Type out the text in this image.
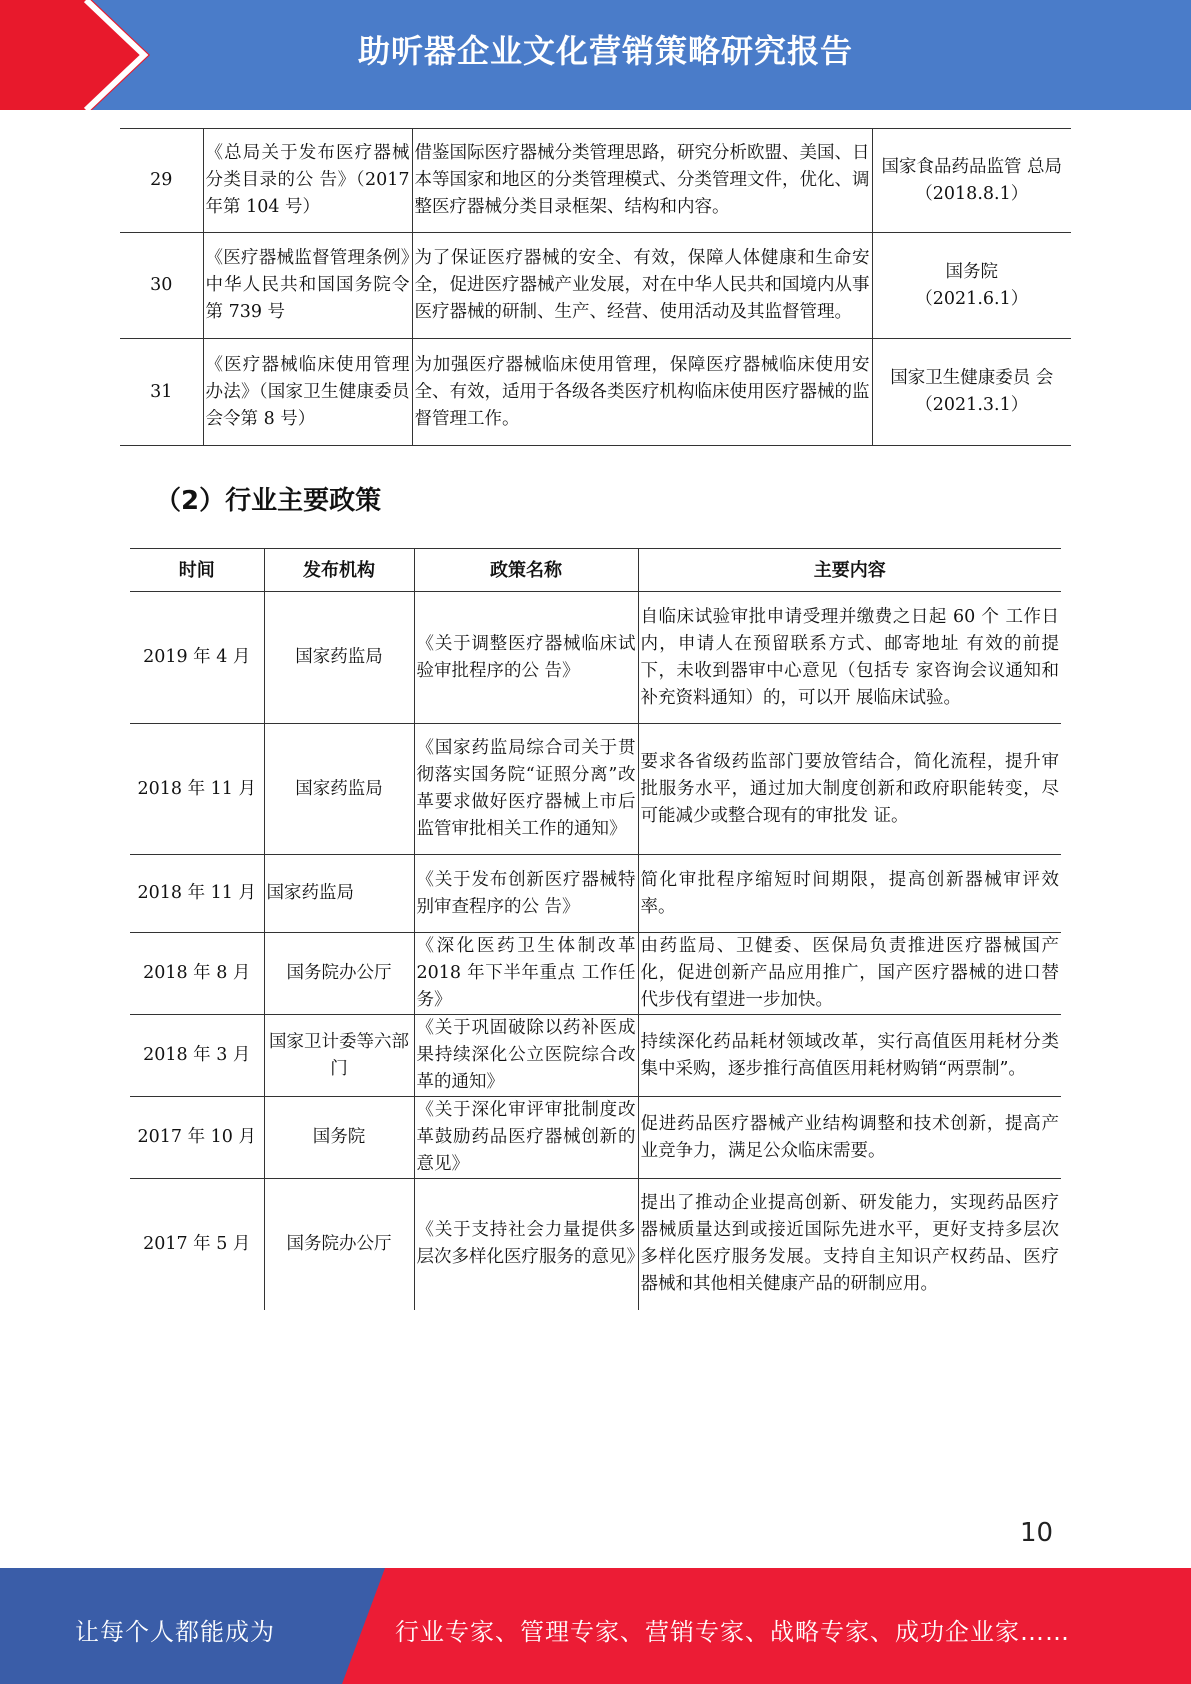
助听器企业文化营销策略研究报告
29	《总局关于发布医疗器械分类目录的公 告》（2017 年第 104 号）	借鉴国际医疗器械分类管理思路，研究分析欧盟、美国、日本等国家和地区的分类管理模式、分类管理文件，优化、调整医疗器械分类目录框架、结构和内容。	国家食品药品监管 总局
（2018.8.1）
30	《医疗器械监督管理条例》中华人民共和国国务院令第 739 号	为了保证医疗器械的安全、有效，保障人体健康和生命安全，促进医疗器械产业发展，对在中华人民共和国境内从事医疗器械的研制、生产、经营、使用活动及其监督管理。	国务院
（2021.6.1）
31	《医疗器械临床使用管理办法》（国家卫生健康委员会令第 8 号）	为加强医疗器械临床使用管理，保障医疗器械临床使用安全、有效，适用于各级各类医疗机构临床使用医疗器械的监督管理工作。	国家卫生健康委员 会
（2021.3.1）
（2）行业主要政策
时间	发布机构	政策名称	主要内容
2019 年 4 月	国家药监局	《关于调整医疗器械临床试验审批程序的公 告》	自临床试验审批申请受理并缴费之日起 60 个 工作日内，申请人在预留联系方式、邮寄地址 有效的前提下，未收到器审中心意见（包括专 家咨询会议通知和补充资料通知）的，可以开 展临床试验。
2018 年 11 月	国家药监局	《国家药监局综合司关于贯彻落实国务院“证照分离”改革要求做好医疗器械上市后监管审批相关工作的通知》	要求各省级药监部门要放管结合，简化流程，提升审批服务水平，通过加大制度创新和政府职能转变，尽可能减少或整合现有的审批发 证。
2018 年 11 月	国家药监局	《关于发布创新医疗器械特别审查程序的公 告》	简化审批程序缩短时间期限，提高创新器械审评效率。
2018 年 8 月	国务院办公厅	《深化医药卫生体制改革 2018 年下半年重点 工作任务》	由药监局、卫健委、医保局负责推进医疗器械国产化，促进创新产品应用推广，国产医疗器械的进口替代步伐有望进一步加快。
2018 年 3 月	国家卫计委等六部门	《关于巩固破除以药补医成果持续深化公立医院综合改革的通知》	持续深化药品耗材领域改革，实行高值医用耗材分类集中采购，逐步推行高值医用耗材购销“两票制”。
2017 年 10 月	国务院	《关于深化审评审批制度改革鼓励药品医疗器械创新的意见》	促进药品医疗器械产业结构调整和技术创新，提高产业竞争力，满足公众临床需要。
2017 年 5 月	国务院办公厅	《关于支持社会力量提供多层次多样化医疗服务的意见》	提出了推动企业提高创新、研发能力，实现药品医疗器械质量达到或接近国际先进水平，更好支持多层次多样化医疗服务发展。支持自主知识产权药品、医疗器械和其他相关健康产品的研制应用。
10
让每个人都能成为	行业专家、管理专家、营销专家、战略专家、成功企业家……
